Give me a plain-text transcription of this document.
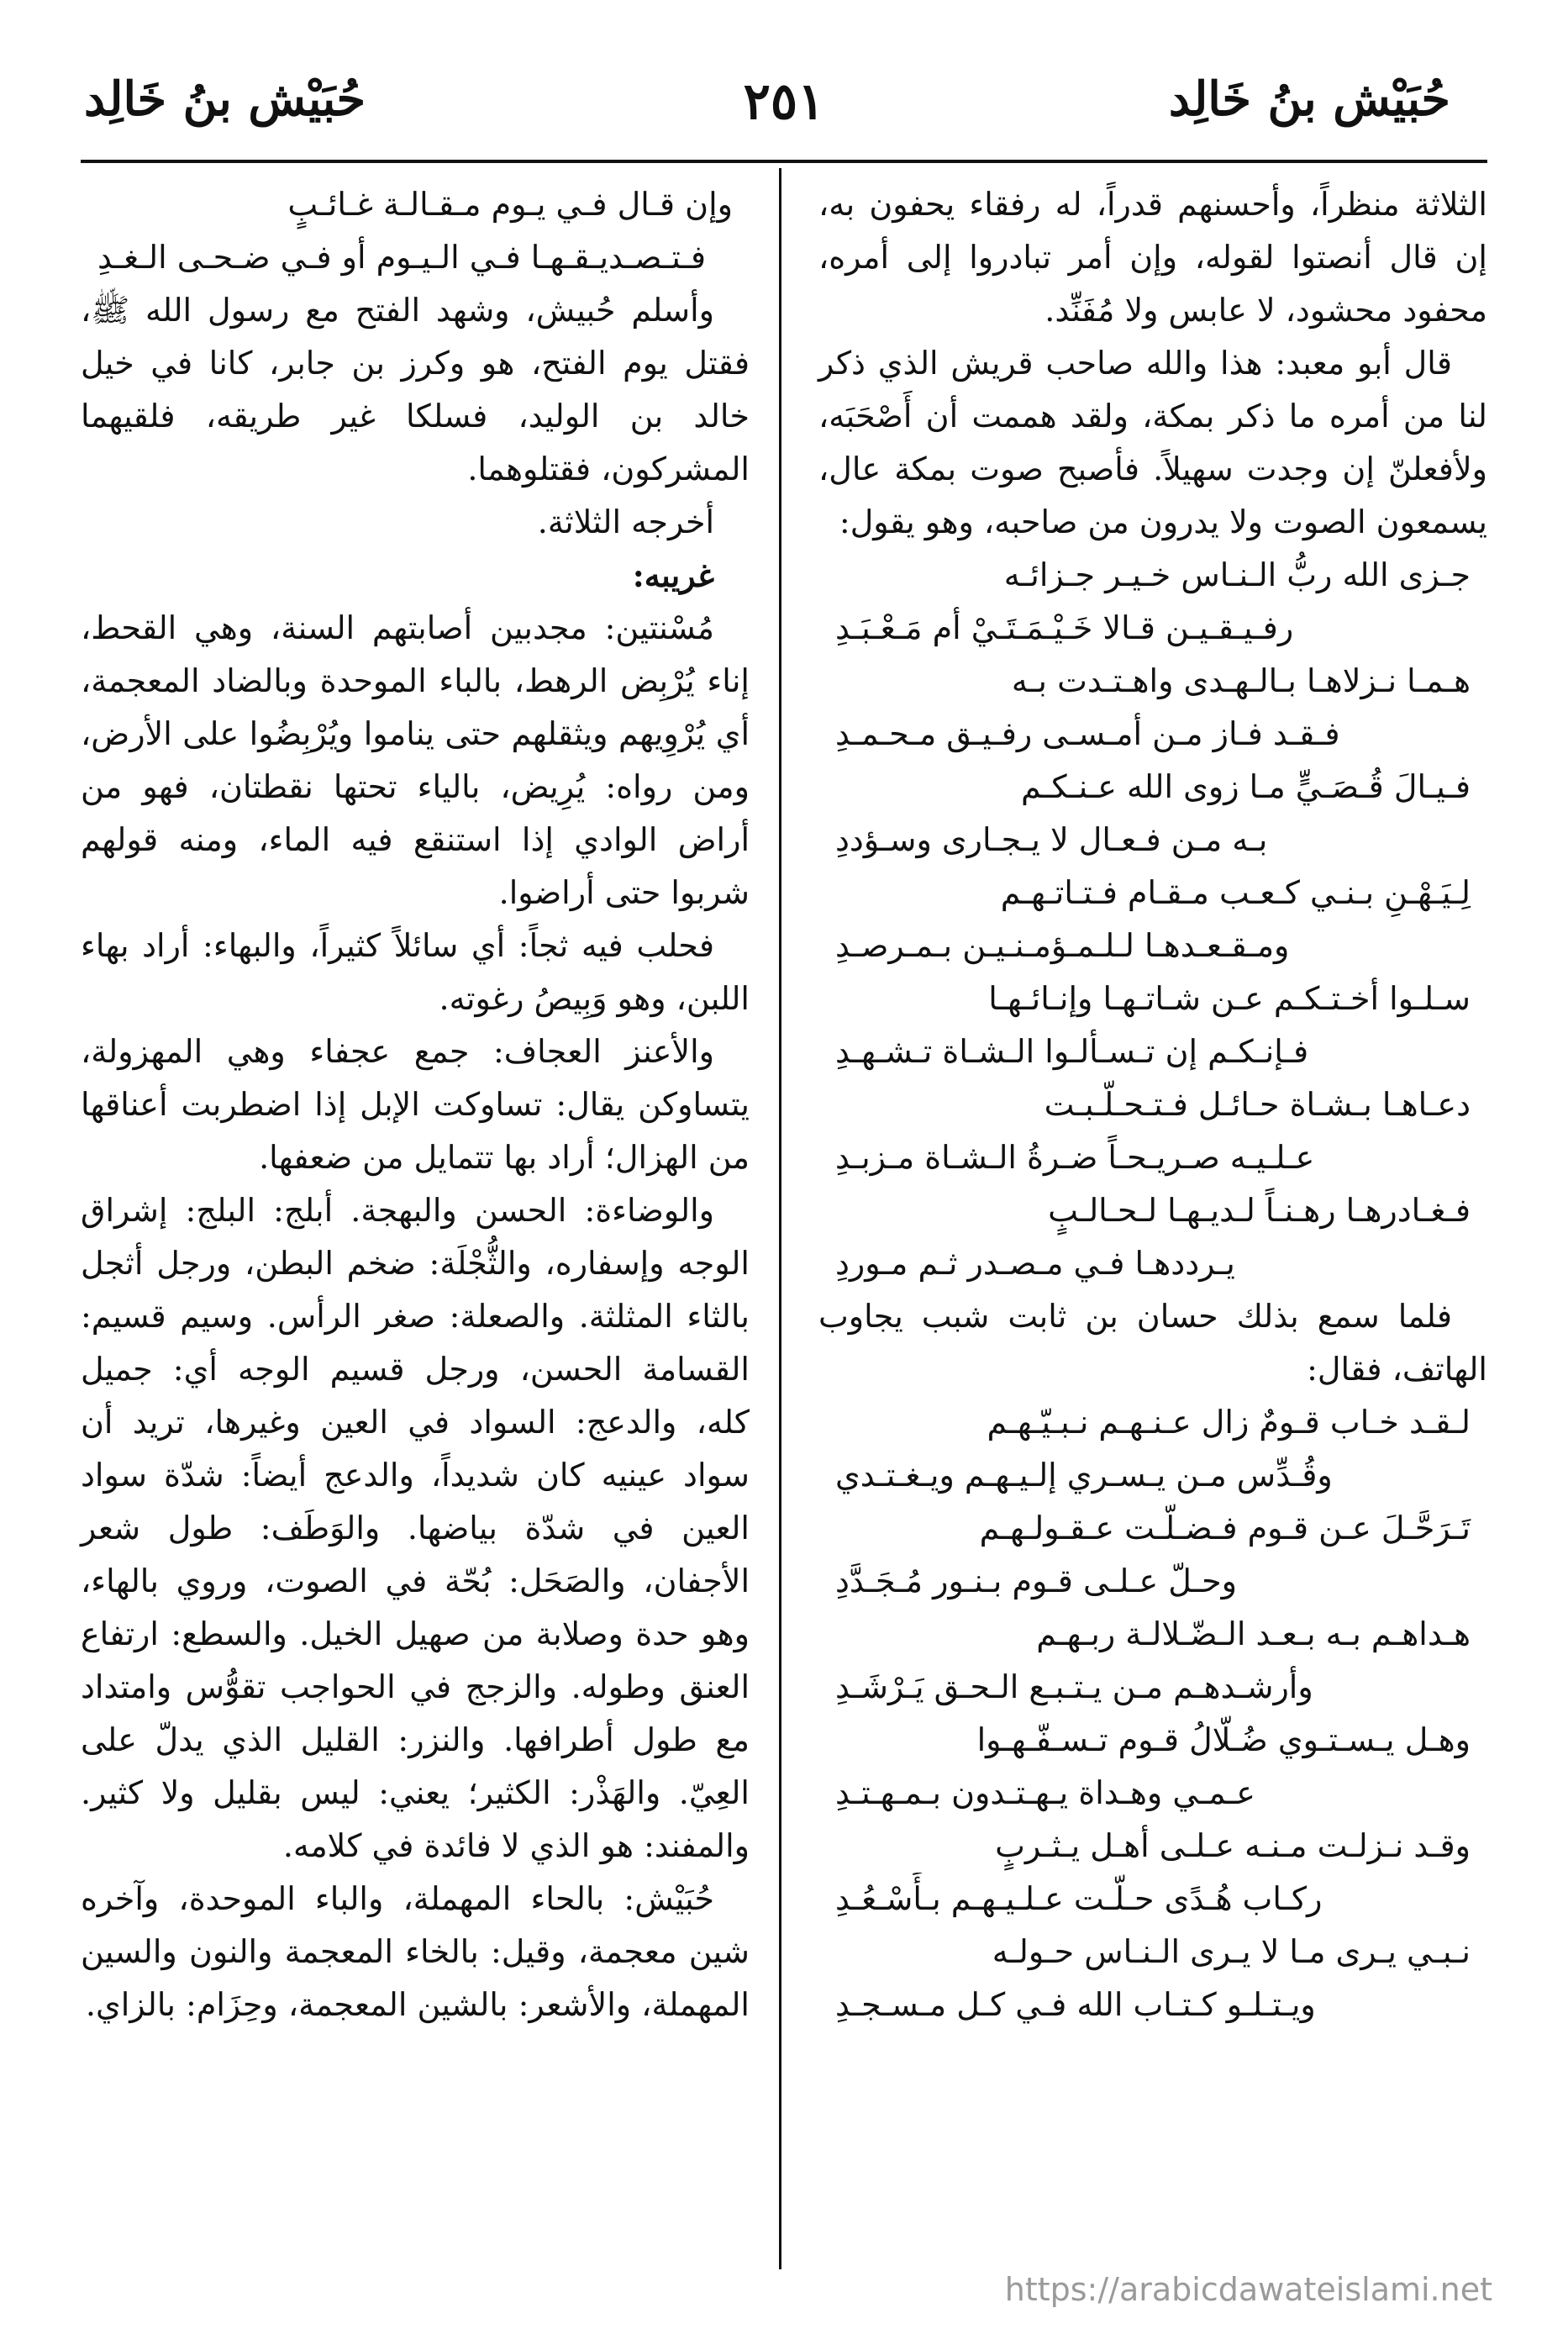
حُبَيْش بنُ خَالِد
٢٥١
حُبَيْش بنُ خَالِد

الثلاثة منظراً، وأحسنهم قدراً، له رفقاء يحفون به، إن قال أنصتوا لقوله، وإن أمر تبادروا إلى أمره، محفود محشود، لا عابس ولا مُفَنِّد.

قال أبو معبد: هذا والله صاحب قريش الذي ذكر لنا من أمره ما ذكر بمكة، ولقد هممت أن أَصْحَبَه، ولأفعلنّ إن وجدت سهيلاً. فأصبح صوت بمكة عال، يسمعون الصوت ولا يدرون من صاحبه، وهو يقول:

جـزى الله ربُّ الـنـاس خـيـر جـزائـه
رفـيـقـيـن قـالا خَـيْـمَـتَـيْ أم مَـعْـبَـدِ
هـمـا نـزلاهـا بـالـهـدى واهـتـدت بـه
فـقـد فـاز مـن أمـسـى رفـيـق مـحـمـدِ
فـيـالَ قُـصَـيٍّ مـا زوى الله عـنـكـم
بـه مـن فـعـال لا يـجـارى وسـؤددِ
لِـيَـهْـنِ بـنـي كـعـب مـقـام فـتـاتـهـم
ومـقـعـدهـا لـلـمـؤمـنـيـن بـمـرصـدِ
سـلـوا أخـتـكـم عـن شـاتـهـا وإنـائـهـا
فـإنـكـم إن تـسـألـوا الـشـاة تـشـهـدِ
دعـاهـا بـشـاة حـائـل فـتـحـلّـبـت
عـلـيـه صـريـحـاً ضـرةُ الـشـاة مـزبـدِ
فـغـادرهـا رهـنـاً لـديـهـا لـحـالـبٍ
يـرددهـا فـي مـصـدر ثـم مـوردِ

فلما سمع بذلك حسان بن ثابت شبب يجاوب الهاتف، فقال:

لـقـد خـاب قـومٌ زال عـنـهـم نـبـيّـهـم
وقُـدِّس مـن يـسـري إلـيـهـم ويـغـتـدي
تَـرَحَّـلَ عـن قـوم فـضـلّـت عـقـولـهـم
وحـلّ عـلـى قـوم بـنـور مُـجَـدَّدِ
هـداهـم بـه بـعـد الـضّـلالـة ربـهـم
وأرشـدهـم مـن يـتـبـع الـحـق يَـرْشَـدِ
وهـل يـسـتـوي ضُـلّالُ قـوم تـسـفّـهـوا
عـمـي وهـداة يـهـتـدون بـمـهـتـدِ
وقـد نـزلـت مـنـه عـلـى أهـل يـثـربٍ
ركـاب هُـدًى حـلّـت عـلـيـهـم بـأَسْـعُـدِ
نـبـي يـرى مـا لا يـرى الـنـاس حـولـه
ويـتـلـو كـتـاب الله فـي كـل مـسـجـدِ
وإن قـال فـي يـوم مـقـالـة غـائـبٍ
فـتـصـديـقـهـا فـي الـيـوم أو فـي ضـحـى الـغـدِ

وأسلم حُبيش، وشهد الفتح مع رسول الله ﷺ، فقتل يوم الفتح، هو وكرز بن جابر، كانا في خيل خالد بن الوليد، فسلكا غير طريقه، فلقيهما المشركون، فقتلوهما.

أخرجه الثلاثة.

غريبه:

مُسْنتين: مجدبين أصابتهم السنة، وهي القحط، إناء يُرْبِض الرهط، بالباء الموحدة وبالضاد المعجمة، أي يُرْوِيهم ويثقلهم حتى يناموا ويُرْبِضُوا على الأرض، ومن رواه: يُرِيض، بالياء تحتها نقطتان، فهو من أراض الوادي إذا استنقع فيه الماء، ومنه قولهم شربوا حتى أراضوا.

فحلب فيه ثجاً: أي سائلاً كثيراً، والبهاء: أراد بهاء اللبن، وهو وَبِيصُ رغوته.

والأعنز العجاف: جمع عجفاء وهي المهزولة، يتساوكن يقال: تساوكت الإبل إذا اضطربت أعناقها من الهزال؛ أراد بها تتمايل من ضعفها.

والوضاءة: الحسن والبهجة. أبلج: البلج: إشراق الوجه وإسفاره، والثُّجْلَة: ضخم البطن، ورجل أثجل بالثاء المثلثة. والصعلة: صغر الرأس. وسيم قسيم: القسامة الحسن، ورجل قسيم الوجه أي: جميل كله، والدعج: السواد في العين وغيرها، تريد أن سواد عينيه كان شديداً، والدعج أيضاً: شدّة سواد العين في شدّة بياضها. والوَطَف: طول شعر الأجفان، والصَحَل: بُحّة في الصوت، وروي بالهاء، وهو حدة وصلابة من صهيل الخيل. والسطع: ارتفاع العنق وطوله. والزجج في الحواجب تقوُّس وامتداد مع طول أطرافها. والنزر: القليل الذي يدلّ على العِيّ. والهَذْر: الكثير؛ يعني: ليس بقليل ولا كثير. والمفند: هو الذي لا فائدة في كلامه.

حُبَيْش: بالحاء المهملة، والباء الموحدة، وآخره شين معجمة، وقيل: بالخاء المعجمة والنون والسين المهملة، والأشعر: بالشين المعجمة، وحِزَام: بالزاي.

https://arabicdawateislami.net
